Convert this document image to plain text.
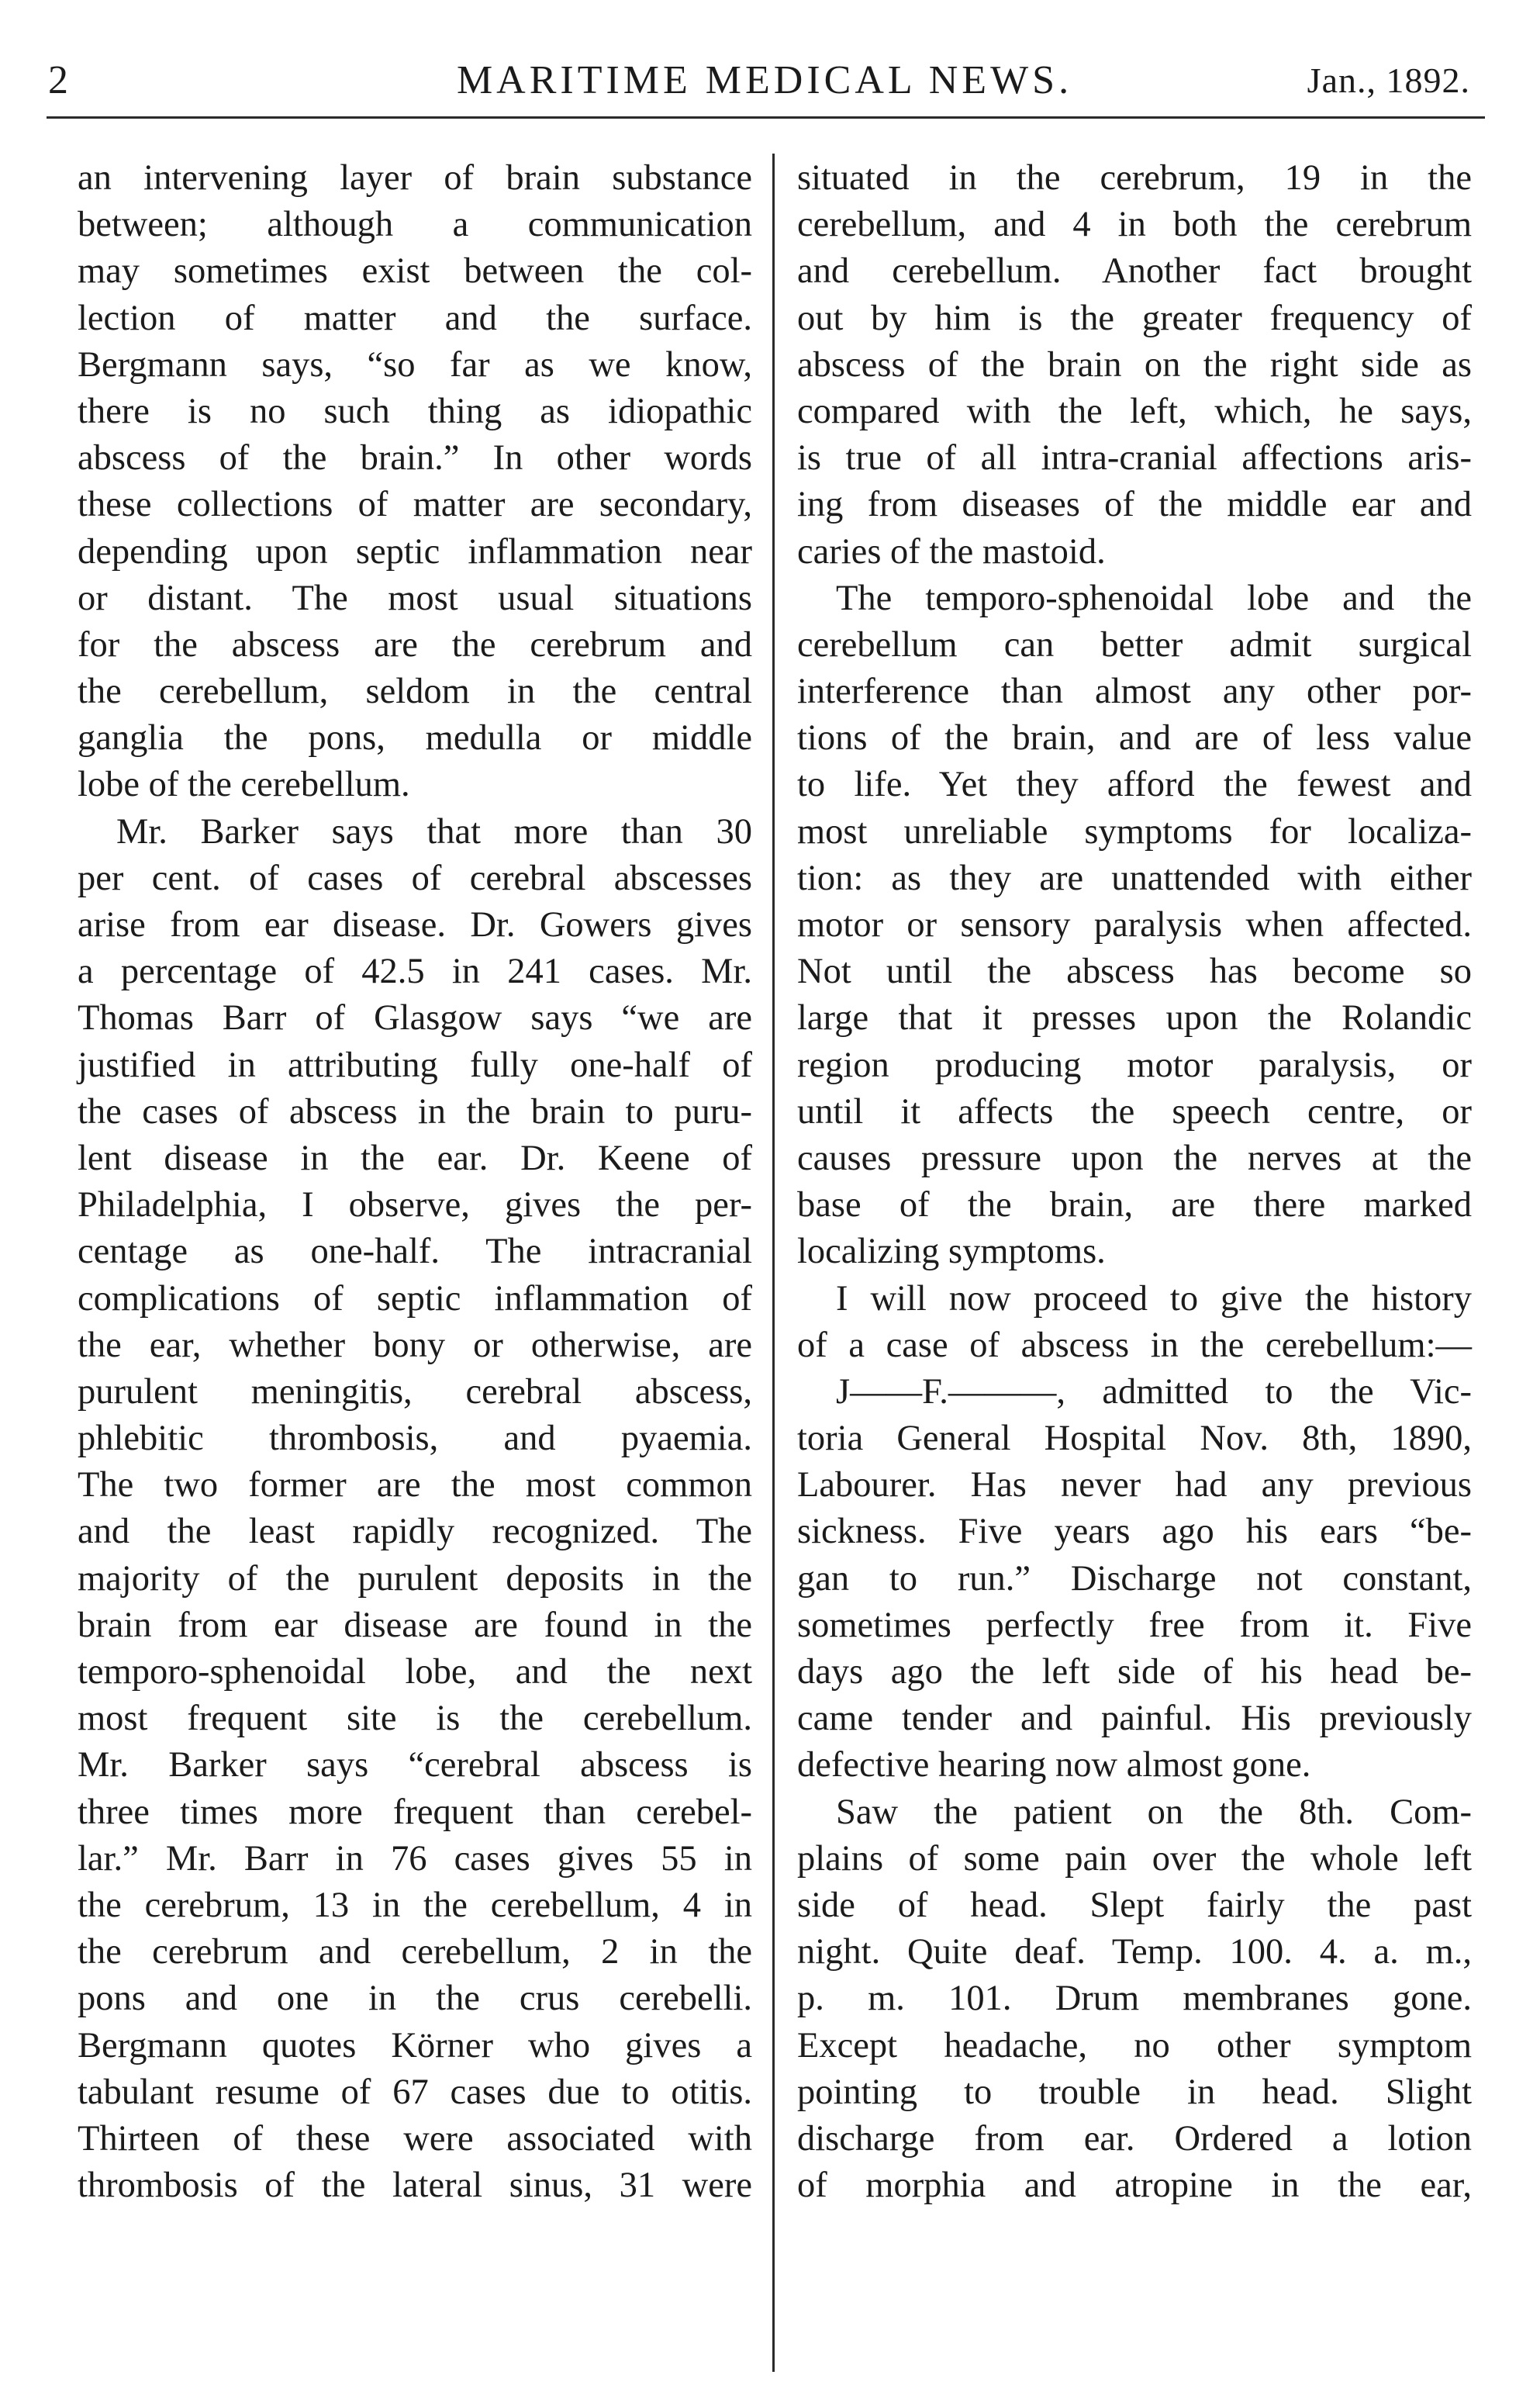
2	MARITIME MEDICAL NEWS.	Jan., 1892.
an intervening layer of brain substance
between; although a communication
may sometimes exist between the col-
lection of matter and the surface.
Bergmann says, “so far as we know,
there is no such thing as idiopathic
abscess of the brain.” In other words
these collections of matter are secondary,
depending upon septic inflammation near
or distant. The most usual situations
for the abscess are the cerebrum and
the cerebellum, seldom in the central
ganglia the pons, medulla or middle
lobe of the cerebellum.
Mr. Barker says that more than 30
per cent. of cases of cerebral abscesses
arise from ear disease. Dr. Gowers gives
a percentage of 42.5 in 241 cases. Mr.
Thomas Barr of Glasgow says “we are
justified in attributing fully one-half of
the cases of abscess in the brain to puru-
lent disease in the ear. Dr. Keene of
Philadelphia, I observe, gives the per-
centage as one-half. The intracranial
complications of septic inflammation of
the ear, whether bony or otherwise, are
purulent meningitis, cerebral abscess,
phlebitic thrombosis, and pyaemia.
The two former are the most common
and the least rapidly recognized. The
majority of the purulent deposits in the
brain from ear disease are found in the
temporo-sphenoidal lobe, and the next
most frequent site is the cerebellum.
Mr. Barker says “cerebral abscess is
three times more frequent than cerebel-
lar.” Mr. Barr in 76 cases gives 55 in
the cerebrum, 13 in the cerebellum, 4 in
the cerebrum and cerebellum, 2 in the
pons and one in the crus cerebelli.
Bergmann quotes Körner who gives a
tabulant resume of 67 cases due to otitis.
Thirteen of these were associated with
thrombosis of the lateral sinus, 31 were
situated in the cerebrum, 19 in the
cerebellum, and 4 in both the cerebrum
and cerebellum. Another fact brought
out by him is the greater frequency of
abscess of the brain on the right side as
compared with the left, which, he says,
is true of all intra-cranial affections aris-
ing from diseases of the middle ear and
caries of the mastoid.
The temporo-sphenoidal lobe and the
cerebellum can better admit surgical
interference than almost any other por-
tions of the brain, and are of less value
to life. Yet they afford the fewest and
most unreliable symptoms for localiza-
tion: as they are unattended with either
motor or sensory paralysis when affected.
Not until the abscess has become so
large that it presses upon the Rolandic
region producing motor paralysis, or
until it affects the speech centre, or
causes pressure upon the nerves at the
base of the brain, are there marked
localizing symptoms.
I will now proceed to give the history
of a case of abscess in the cerebellum:—
J——F.———, admitted to the Vic-
toria General Hospital Nov. 8th, 1890,
Labourer. Has never had any previous
sickness. Five years ago his ears “be-
gan to run.” Discharge not constant,
sometimes perfectly free from it. Five
days ago the left side of his head be-
came tender and painful. His previously
defective hearing now almost gone.
Saw the patient on the 8th. Com-
plains of some pain over the whole left
side of head. Slept fairly the past
night. Quite deaf. Temp. 100. 4. a. m.,
p. m. 101. Drum membranes gone.
Except headache, no other symptom
pointing to trouble in head. Slight
discharge from ear. Ordered a lotion
of morphia and atropine in the ear,
